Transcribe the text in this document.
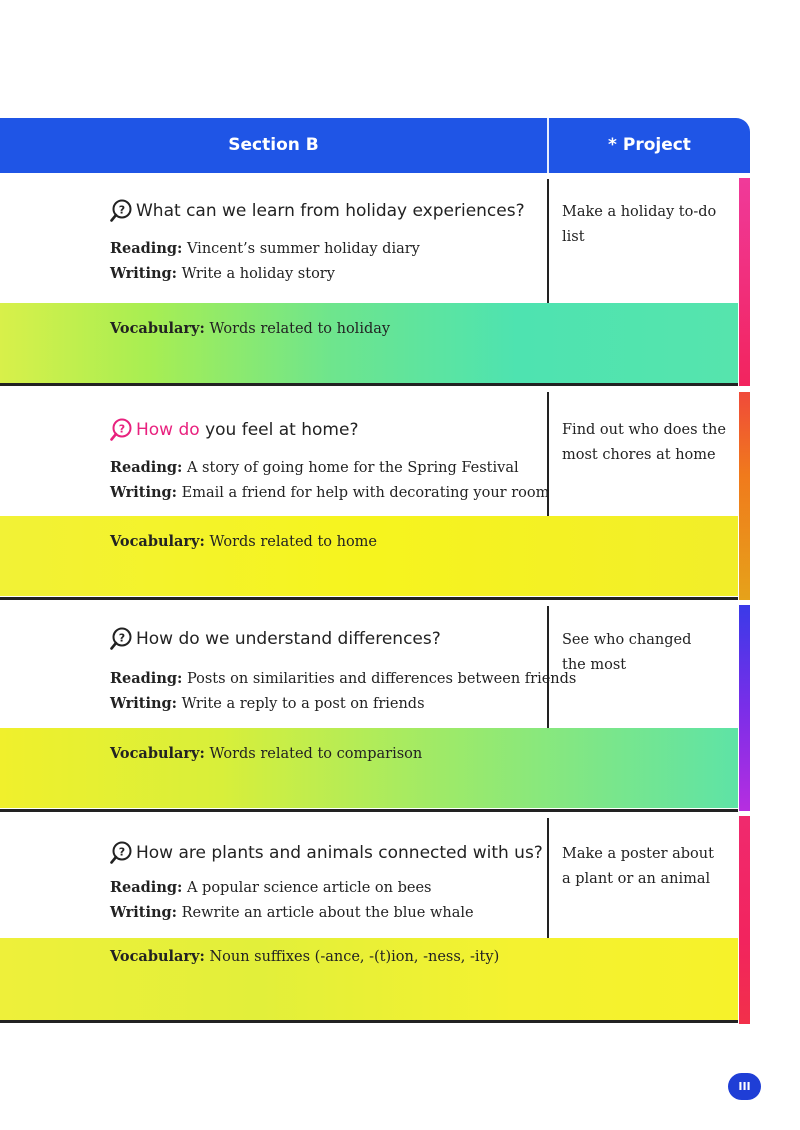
Section B	* Project
? What can we learn from holiday experiences?
Reading: Vincent’s summer holiday diary
Writing: Write a holiday story
Make a holiday to-do list
Vocabulary: Words related to holiday
? How do
you feel at home?
Reading: A story of going home for the Spring Festival
Writing: Email a friend for help with decorating your room
Find out who does the most chores at home
Vocabulary: Words related to home
? How do we understand differences?
Reading: Posts on similarities and differences between friends
Writing: Write a reply to a post on friends
See who changed the most
Vocabulary: Words related to comparison
? How are plants and animals connected with us?
Reading: A popular science article on bees
Writing: Rewrite an article about the blue whale
Make a poster about a plant or an animal
Vocabulary: Noun suffixes (-ance, -(t)ion, -ness, -ity)
III
